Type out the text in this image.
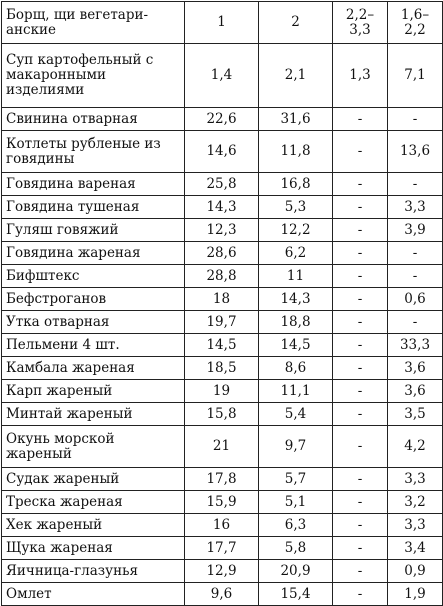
Борщ, щи вегетари-анские	1	2	2,2–3,3	1,6–2,2
Суп картофельный с макаронными изделиями	1,4	2,1	1,3	7,1
Свинина отварная	22,6	31,6	-	-
Котлеты рубленые из говядины	14,6	11,8	-	13,6
Говядина вареная	25,8	16,8	-	-
Говядина тушеная	14,3	5,3	-	3,3
Гуляш говяжий	12,3	12,2	-	3,9
Говядина жареная	28,6	6,2	-	-
Бифштекс	28,8	11	-	-
Бефстроганов	18	14,3	-	0,6
Утка отварная	19,7	18,8	-	-
Пельмени 4 шт.	14,5	14,5	-	33,3
Камбала жареная	18,5	8,6	-	3,6
Карп жареный	19	11,1	-	3,6
Минтай жареный	15,8	5,4	-	3,5
Окунь морской жареный	21	9,7	-	4,2
Судак жареный	17,8	5,7	-	3,3
Треска жареная	15,9	5,1	-	3,2
Хек жареный	16	6,3	-	3,3
Щука жареная	17,7	5,8	-	3,4
Яичница-глазунья	12,9	20,9	-	0,9
Омлет	9,6	15,4	-	1,9
